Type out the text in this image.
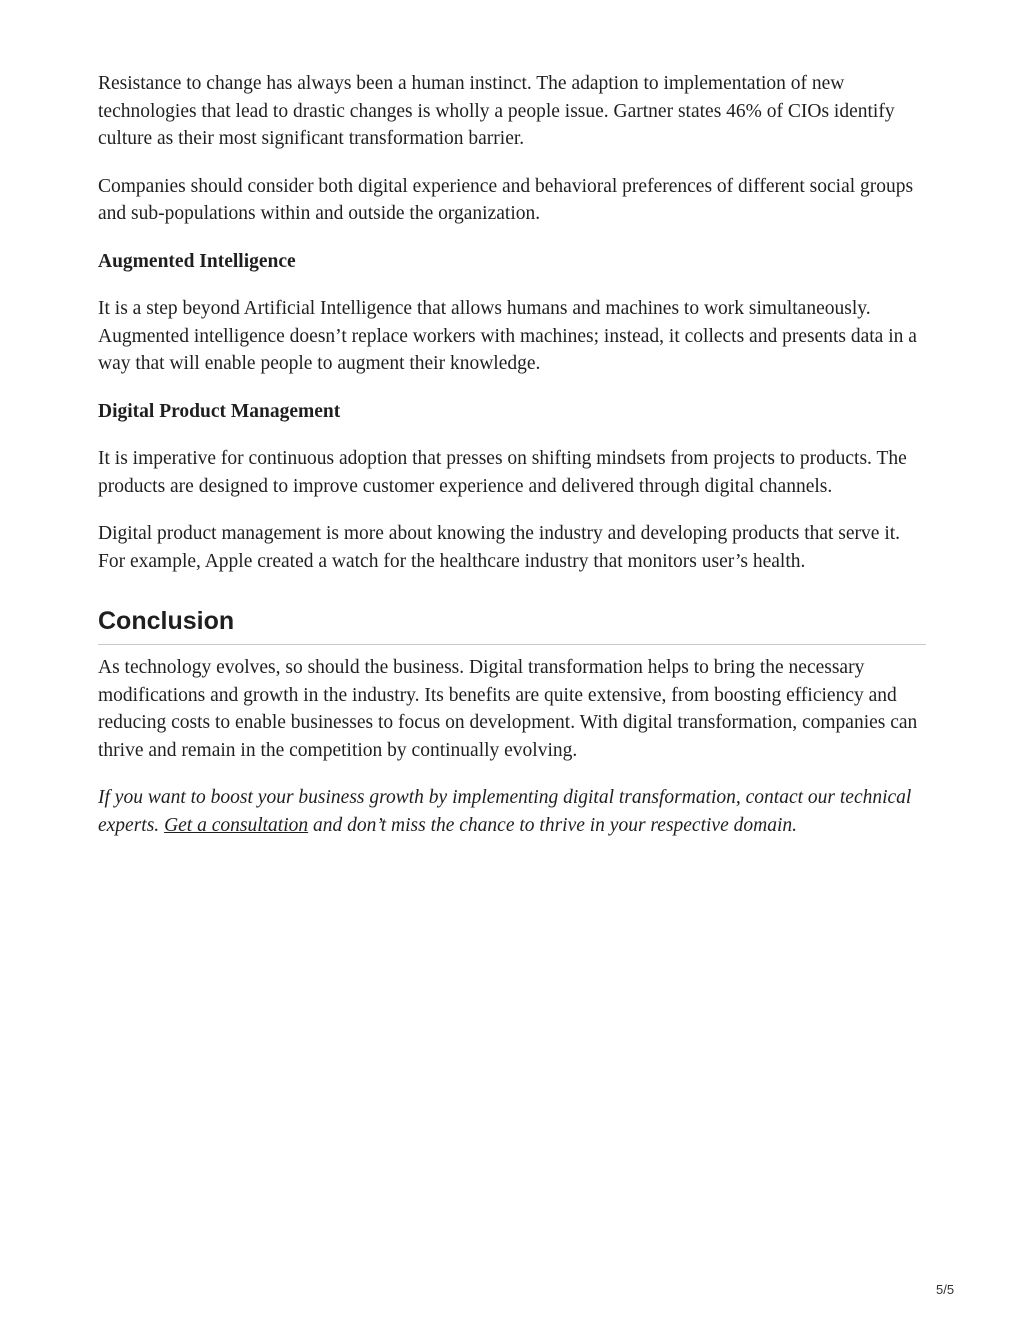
Resistance to change has always been a human instinct. The adaption to implementation of new technologies that lead to drastic changes is wholly a people issue. Gartner states 46% of CIOs identify culture as their most significant transformation barrier.

Companies should consider both digital experience and behavioral preferences of different social groups and sub-populations within and outside the organization.

Augmented Intelligence

It is a step beyond Artificial Intelligence that allows humans and machines to work simultaneously. Augmented intelligence doesn’t replace workers with machines; instead, it collects and presents data in a way that will enable people to augment their knowledge.

Digital Product Management

It is imperative for continuous adoption that presses on shifting mindsets from projects to products. The products are designed to improve customer experience and delivered through digital channels.

Digital product management is more about knowing the industry and developing products that serve it. For example, Apple created a watch for the healthcare industry that monitors user’s health.

Conclusion

As technology evolves, so should the business. Digital transformation helps to bring the necessary modifications and growth in the industry. Its benefits are quite extensive, from boosting efficiency and reducing costs to enable businesses to focus on development. With digital transformation, companies can thrive and remain in the competition by continually evolving.

If you want to boost your business growth by implementing digital transformation, contact our technical experts. Get a consultation and don’t miss the chance to thrive in your respective domain.

5/5
